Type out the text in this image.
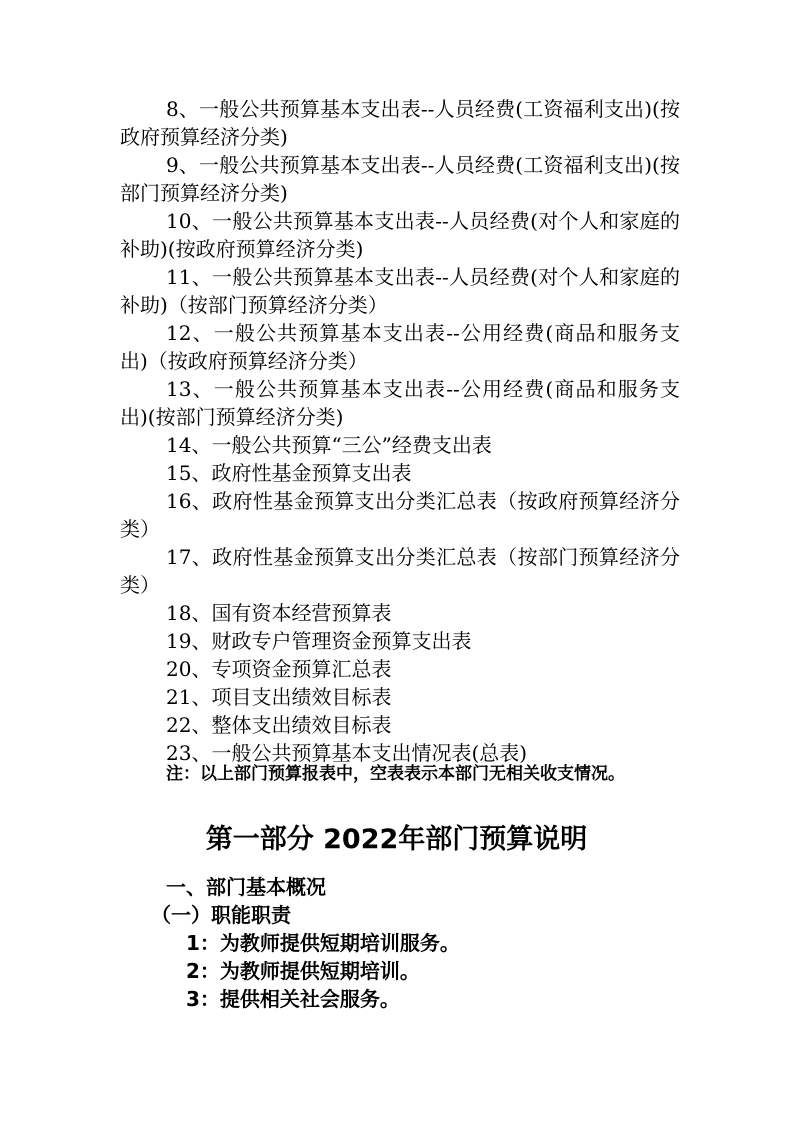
8、一般公共预算基本支出表--人员经费(工资福利支出)(按政府预算经济分类)

9、一般公共预算基本支出表--人员经费(工资福利支出)(按部门预算经济分类)

10、一般公共预算基本支出表--人员经费(对个人和家庭的补助)(按政府预算经济分类)

11、一般公共预算基本支出表--人员经费(对个人和家庭的补助)（按部门预算经济分类）

12、一般公共预算基本支出表--公用经费(商品和服务支出)（按政府预算经济分类）

13、一般公共预算基本支出表--公用经费(商品和服务支出)(按部门预算经济分类)

14、一般公共预算“三公”经费支出表

15、政府性基金预算支出表

16、政府性基金预算支出分类汇总表（按政府预算经济分类）

17、政府性基金预算支出分类汇总表（按部门预算经济分类）

18、国有资本经营预算表

19、财政专户管理资金预算支出表

20、专项资金预算汇总表

21、项目支出绩效目标表

22、整体支出绩效目标表

23、一般公共预算基本支出情况表(总表)

注：以上部门预算报表中，空表表示本部门无相关收支情况。

第一部分 2022年部门预算说明
一、部门基本概况
（一）职能职责

1：为教师提供短期培训服务。

2：为教师提供短期培训。

3：提供相关社会服务。
